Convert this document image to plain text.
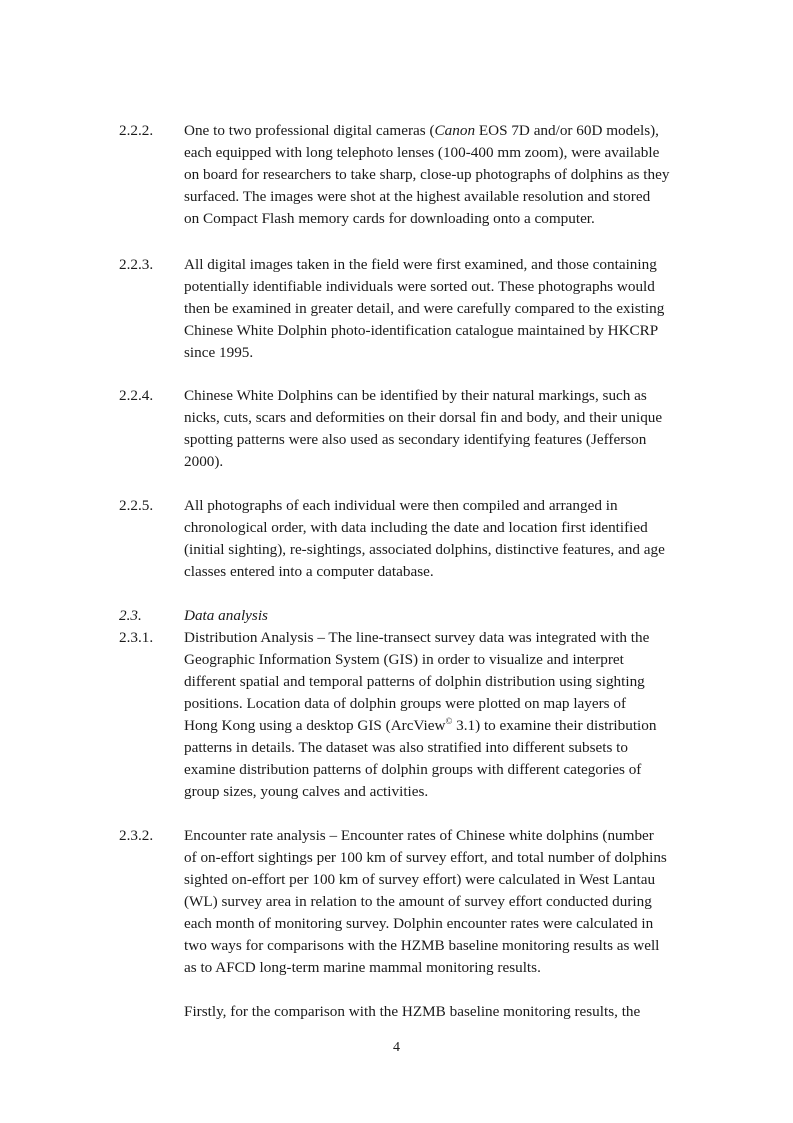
2.2.2. One to two professional digital cameras (Canon EOS 7D and/or 60D models),
each equipped with long telephoto lenses (100-400 mm zoom), were available
on board for researchers to take sharp, close-up photographs of dolphins as they
surfaced. The images were shot at the highest available resolution and stored
on Compact Flash memory cards for downloading onto a computer.
2.2.3. All digital images taken in the field were first examined, and those containing
potentially identifiable individuals were sorted out. These photographs would
then be examined in greater detail, and were carefully compared to the existing
Chinese White Dolphin photo-identification catalogue maintained by HKCRP
since 1995.
2.2.4. Chinese White Dolphins can be identified by their natural markings, such as
nicks, cuts, scars and deformities on their dorsal fin and body, and their unique
spotting patterns were also used as secondary identifying features (Jefferson
2000).
2.2.5. All photographs of each individual were then compiled and arranged in
chronological order, with data including the date and location first identified
(initial sighting), re-sightings, associated dolphins, distinctive features, and age
classes entered into a computer database.
2.3.	Data analysis
2.3.1. Distribution Analysis – The line-transect survey data was integrated with the
Geographic Information System (GIS) in order to visualize and interpret
different spatial and temporal patterns of dolphin distribution using sighting
positions. Location data of dolphin groups were plotted on map layers of
Hong Kong using a desktop GIS (ArcView© 3.1) to examine their distribution
patterns in details. The dataset was also stratified into different subsets to
examine distribution patterns of dolphin groups with different categories of
group sizes, young calves and activities.
2.3.2. Encounter rate analysis – Encounter rates of Chinese white dolphins (number
of on-effort sightings per 100 km of survey effort, and total number of dolphins
sighted on-effort per 100 km of survey effort) were calculated in West Lantau
(WL) survey area in relation to the amount of survey effort conducted during
each month of monitoring survey. Dolphin encounter rates were calculated in
two ways for comparisons with the HZMB baseline monitoring results as well
as to AFCD long-term marine mammal monitoring results.
Firstly, for the comparison with the HZMB baseline monitoring results, the
4
